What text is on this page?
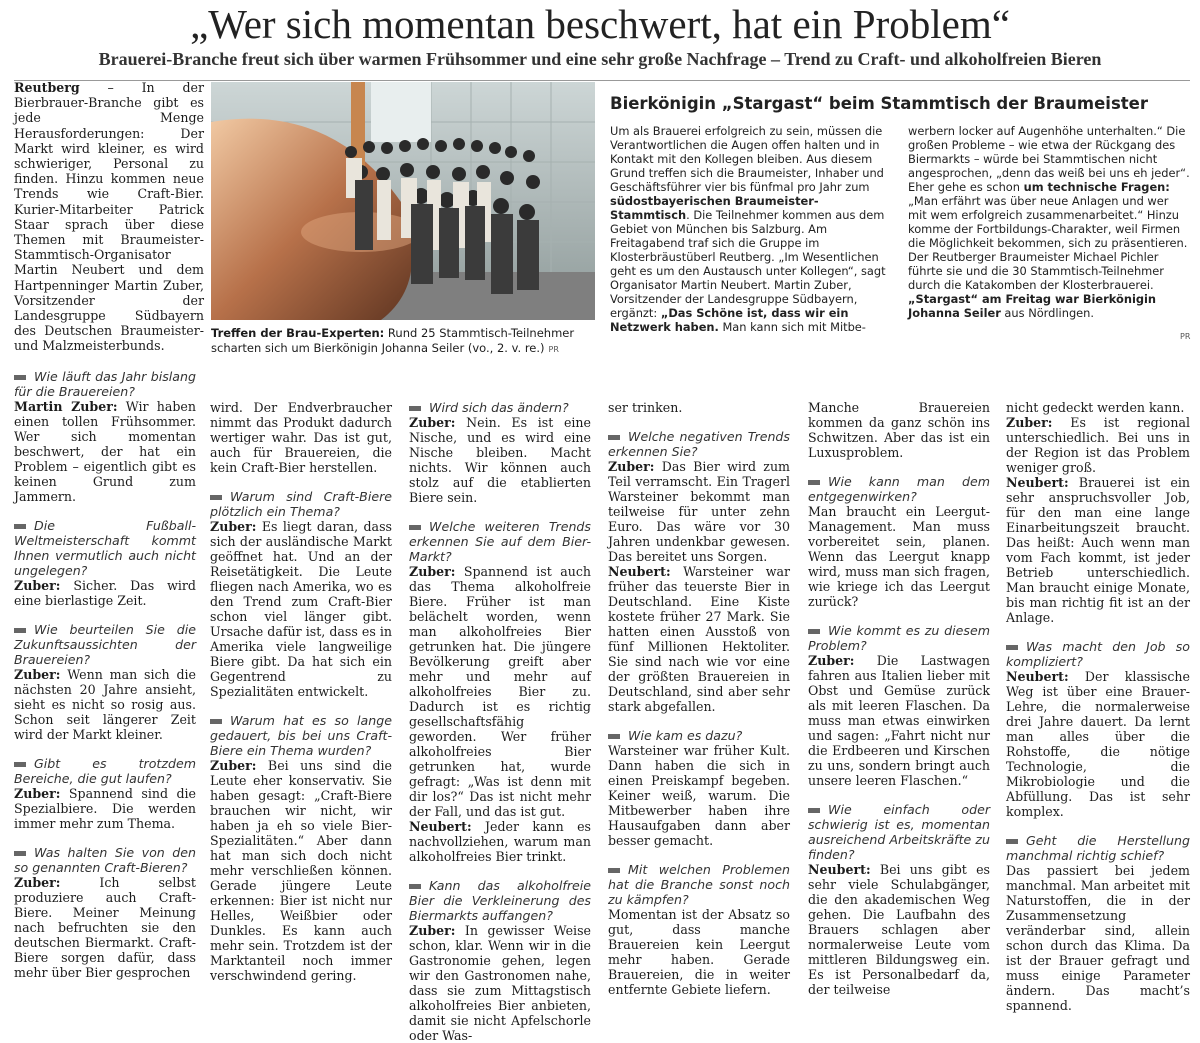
„Wer sich momentan beschwert, hat ein Problem“
Brauerei-Branche freut sich über warmen Frühsommer und eine sehr große Nachfrage – Trend zu Craft- und alkoholfreien Bieren
Reutberg – In der Bierbrauer-Branche gibt es jede Menge Herausforderungen: Der Markt wird kleiner, es wird schwieriger, Personal zu finden. Hinzu kommen neue Trends wie Craft-Bier. Kurier-Mitarbeiter Patrick Staar sprach über diese Themen mit Braumeister-Stammtisch-Organisator Martin Neubert und dem Hartpenninger Martin Zuber, Vorsitzender der Landesgruppe Südbayern des Deutschen Braumeister- und Malzmeisterbunds.
Treffen der Brau-Experten: Rund 25 Stammtisch-Teilnehmer scharten sich um Bierkönigin Johanna Seiler (vo., 2. v. re.) PR
Bierkönigin „Stargast“ beim Stammtisch der Braumeister
Um als Brauerei erfolgreich zu sein, müssen die Verantwortlichen die Augen offen halten und in Kontakt mit den Kollegen bleiben. Aus diesem Grund treffen sich die Braumeister, Inhaber und Geschäftsführer vier bis fünfmal pro Jahr zum südostbayerischen Braumeister-Stammtisch. Die Teilnehmer kommen aus dem Gebiet von München bis Salzburg. Am Freitagabend traf sich die Gruppe im Klosterbräustüberl Reutberg. „Im Wesentlichen geht es um den Austausch unter Kollegen“, sagt Organisator Martin Neubert. Martin Zuber, Vorsitzender der Landesgruppe Südbayern, ergänzt: „Das Schöne ist, dass wir ein Netzwerk haben. Man kann sich mit Mitbe-
werbern locker auf Augenhöhe unterhalten.“ Die großen Probleme – wie etwa der Rückgang des Biermarkts – würde bei Stammtischen nicht angesprochen, „denn das weiß bei uns eh jeder“. Eher gehe es schon um technische Fragen: „Man erfährt was über neue Anlagen und wer mit wem erfolgreich zusammenarbeitet.“ Hinzu komme der Fortbildungs-Charakter, weil Firmen die Möglichkeit bekommen, sich zu präsentieren. Der Reutberger Braumeister Michael Pichler führte sie und die 30 Stammtisch-Teilnehmer durch die Katakomben der Klosterbrauerei. „Stargast“ am Freitag war Bierkönigin Johanna Seiler aus Nördlingen.
PR
Wie läuft das Jahr bislang für die Brauereien?

Martin Zuber: Wir haben einen tollen Frühsommer. Wer sich momentan beschwert, der hat ein Problem – eigentlich gibt es keinen Grund zum Jammern.

Die Fußball-Weltmeisterschaft kommt Ihnen vermutlich auch nicht ungelegen?

Zuber: Sicher. Das wird eine bierlastige Zeit.

Wie beurteilen Sie die Zukunftsaussichten der Brauereien?

Zuber: Wenn man sich die nächsten 20 Jahre ansieht, sieht es nicht so rosig aus. Schon seit längerer Zeit wird der Markt kleiner.

Gibt es trotzdem Bereiche, die gut laufen?

Zuber: Spannend sind die Spezialbiere. Die werden immer mehr zum Thema.

Was halten Sie von den so genannten Craft-Bieren?

Zuber: Ich selbst produziere auch Craft-Biere. Meiner Meinung nach befruchten sie den deutschen Biermarkt. Craft-Biere sorgen dafür, dass mehr über Bier gesprochen

wird. Der Endverbraucher nimmt das Produkt dadurch wertiger wahr. Das ist gut, auch für Brauereien, die kein Craft-Bier herstellen.

Warum sind Craft-Biere plötzlich ein Thema?

Zuber: Es liegt daran, dass sich der ausländische Markt geöffnet hat. Und an der Reisetätigkeit. Die Leute fliegen nach Amerika, wo es den Trend zum Craft-Bier schon viel länger gibt. Ursache dafür ist, dass es in Amerika viele langweilige Biere gibt. Da hat sich ein Gegentrend zu Spezialitäten entwickelt.

Warum hat es so lange gedauert, bis bei uns Craft-Biere ein Thema wurden?

Zuber: Bei uns sind die Leute eher konservativ. Sie haben gesagt: „Craft-Biere brauchen wir nicht, wir haben ja eh so viele Bier-Spezialitäten.“ Aber dann hat man sich doch nicht mehr verschließen können. Gerade jüngere Leute erkennen: Bier ist nicht nur Helles, Weißbier oder Dunkles. Es kann auch mehr sein. Trotzdem ist der Marktanteil noch immer verschwindend gering.

Wird sich das ändern?

Zuber: Nein. Es ist eine Nische, und es wird eine Nische bleiben. Macht nichts. Wir können auch stolz auf die etablierten Biere sein.

Welche weiteren Trends erkennen Sie auf dem Bier-Markt?

Zuber: Spannend ist auch das Thema alkoholfreie Biere. Früher ist man belächelt worden, wenn man alkoholfreies Bier getrunken hat. Die jüngere Bevölkerung greift aber mehr und mehr auf alkoholfreies Bier zu. Dadurch ist es richtig gesellschaftsfähig geworden. Wer früher alkoholfreies Bier getrunken hat, wurde gefragt: „Was ist denn mit dir los?“ Das ist nicht mehr der Fall, und das ist gut.

Neubert: Jeder kann es nachvollziehen, warum man alkoholfreies Bier trinkt.

Kann das alkoholfreie Bier die Verkleinerung des Biermarkts auffangen?

Zuber: In gewisser Weise schon, klar. Wenn wir in die Gastronomie gehen, legen wir den Gastronomen nahe, dass sie zum Mittagstisch alkoholfreies Bier anbieten, damit sie nicht Apfelschorle oder Was-

ser trinken.

Welche negativen Trends erkennen Sie?

Zuber: Das Bier wird zum Teil verramscht. Ein Tragerl Warsteiner bekommt man teilweise für unter zehn Euro. Das wäre vor 30 Jahren undenkbar gewesen. Das bereitet uns Sorgen.

Neubert: Warsteiner war früher das teuerste Bier in Deutschland. Eine Kiste kostete früher 27 Mark. Sie hatten einen Ausstoß von fünf Millionen Hektoliter. Sie sind nach wie vor eine der größten Brauereien in Deutschland, sind aber sehr stark abgefallen.

Wie kam es dazu?

Warsteiner war früher Kult. Dann haben die sich in einen Preiskampf begeben. Keiner weiß, warum. Die Mitbewerber haben ihre Hausaufgaben dann aber besser gemacht.

Mit welchen Problemen hat die Branche sonst noch zu kämpfen?

Momentan ist der Absatz so gut, dass manche Brauereien kein Leergut mehr haben. Gerade Brauereien, die in weiter entfernte Gebiete liefern.

Manche Brauereien kommen da ganz schön ins Schwitzen. Aber das ist ein Luxusproblem.

Wie kann man dem entgegenwirken?

Man braucht ein Leergut-Management. Man muss vorbereitet sein, planen. Wenn das Leergut knapp wird, muss man sich fragen, wie kriege ich das Leergut zurück?

Wie kommt es zu diesem Problem?

Zuber: Die Lastwagen fahren aus Italien lieber mit Obst und Gemüse zurück als mit leeren Flaschen. Da muss man etwas einwirken und sagen: „Fahrt nicht nur die Erdbeeren und Kirschen zu uns, sondern bringt auch unsere leeren Flaschen.“

Wie einfach oder schwierig ist es, momentan ausreichend Arbeitskräfte zu finden?

Neubert: Bei uns gibt es sehr viele Schulabgänger, die den akademischen Weg gehen. Die Laufbahn des Brauers schlagen aber normalerweise Leute vom mittleren Bildungsweg ein. Es ist Personalbedarf da, der teilweise

nicht gedeckt werden kann.

Zuber: Es ist regional unterschiedlich. Bei uns in der Region ist das Problem weniger groß.

Neubert: Brauerei ist ein sehr anspruchsvoller Job, für den man eine lange Einarbeitungszeit braucht. Das heißt: Auch wenn man vom Fach kommt, ist jeder Betrieb unterschiedlich. Man braucht einige Monate, bis man richtig fit ist an der Anlage.

Was macht den Job so kompliziert?

Neubert: Der klassische Weg ist über eine Brauer-Lehre, die normalerweise drei Jahre dauert. Da lernt man alles über die Rohstoffe, die nötige Technologie, die Mikrobiologie und die Abfüllung. Das ist sehr komplex.

Geht die Herstellung manchmal richtig schief?

Das passiert bei jedem manchmal. Man arbeitet mit Naturstoffen, die in der Zusammensetzung veränderbar sind, allein schon durch das Klima. Da ist der Brauer gefragt und muss einige Parameter ändern. Das macht’s spannend.
